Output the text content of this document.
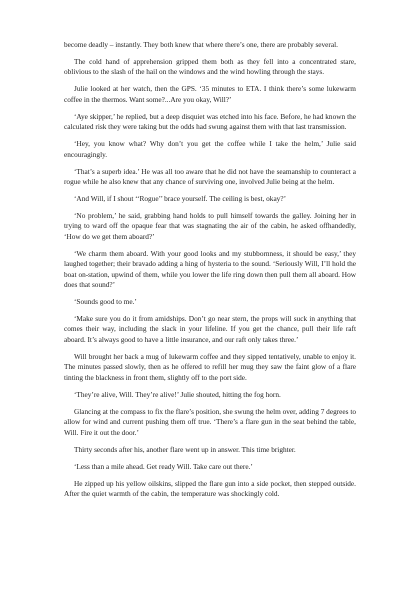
become deadly – instantly. They both knew that where there’s one, there are probably several.

The cold hand of apprehension gripped them both as they fell into a concentrated stare, oblivious to the slash of the hail on the windows and the wind howling through the stays.

Julie looked at her watch, then the GPS. ‘35 minutes to ETA. I think there’s some lukewarm coffee in the thermos. Want some?...Are you okay, Will?’

‘Aye skipper,’ he replied, but a deep disquiet was etched into his face. Before, he had known the calculated risk they were taking but the odds had swung against them with that last transmission.

‘Hey, you know what? Why don’t you get the coffee while I take the helm,’ Julie said encouragingly.

‘That’s a superb idea.’ He was all too aware that he did not have the seamanship to counteract a rogue while he also knew that any chance of surviving one, involved Julie being at the helm.

‘And Will, if I shout ‘‘Rogue’’ brace yourself. The ceiling is best, okay?’

‘No problem,’ he said, grabbing hand holds to pull himself towards the galley. Joining her in trying to ward off the opaque fear that was stagnating the air of the cabin, he asked offhandedly, ‘How do we get them aboard?’

‘We charm them aboard. With your good looks and my stubbornness, it should be easy,’ they laughed together; their bravado adding a hing of hysteria to the sound. ‘Seriously Will, I’ll hold the boat on-station, upwind of them, while you lower the life ring down then pull them all aboard. How does that sound?’

‘Sounds good to me.’

‘Make sure you do it from amidships. Don’t go near stern, the props will suck in anything that comes their way, including the slack in your lifeline. If you get the chance, pull their life raft aboard. It’s always good to have a little insurance, and our raft only takes three.’

Will brought her back a mug of lukewarm coffee and they sipped tentatively, unable to enjoy it. The minutes passed slowly, then as he offered to refill her mug they saw the faint glow of a flare tinting the blackness in front them, slightly off to the port side.

‘They’re alive, Will. They’re alive!’ Julie shouted, hitting the fog horn.

Glancing at the compass to fix the flare’s position, she swung the helm over, adding 7 degrees to allow for wind and current pushing them off true. ‘There’s a flare gun in the seat behind the table, Will. Fire it out the door.’

Thirty seconds after his, another flare went up in answer. This time brighter.

‘Less than a mile ahead. Get ready Will. Take care out there.’

He zipped up his yellow oilskins, slipped the flare gun into a side pocket, then stepped outside. After the quiet warmth of the cabin, the temperature was shockingly cold.
